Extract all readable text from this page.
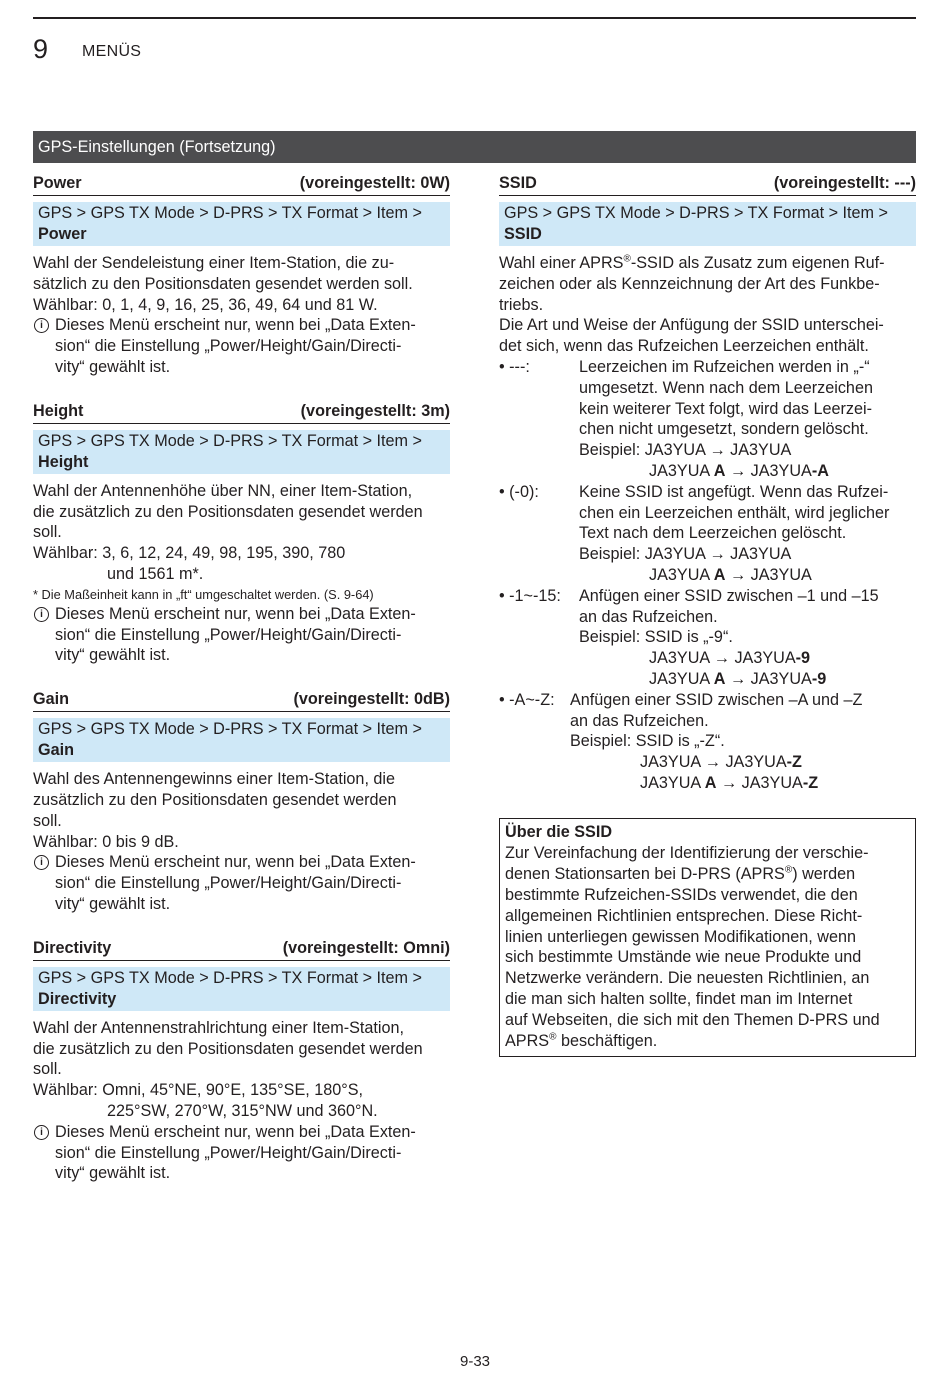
9 MENÜS
GPS-Einstellungen (Fortsetzung)
Power	(voreingestellt: 0W)
GPS > GPS TX Mode > D-PRS > TX Format > Item >
Power
Wahl der Sendeleistung einer Item-Station, die zu-
sätzlich zu den Positionsdaten gesendet werden soll.
Wählbar: 0, 1, 4, 9, 16, 25, 36, 49, 64 und 81 W.
i Dieses Menü erscheint nur, wenn bei „Data Exten-
sion“ die Einstellung „Power/Height/Gain/Directi-
vity“ gewählt ist.
Height	(voreingestellt: 3m)
GPS > GPS TX Mode > D-PRS > TX Format > Item >
Height
Wahl der Antennenhöhe über NN, einer Item-Station,
die zusätzlich zu den Positionsdaten gesendet werden
soll.
Wählbar: 3, 6, 12, 24, 49, 98, 195, 390, 780
und 1561 m*.
* Die Maßeinheit kann in „ft“ umgeschaltet werden. (S. 9-64)
i Dieses Menü erscheint nur, wenn bei „Data Exten-
sion“ die Einstellung „Power/Height/Gain/Directi-
vity“ gewählt ist.
Gain	(voreingestellt: 0dB)
GPS > GPS TX Mode > D-PRS > TX Format > Item >
Gain
Wahl des Antennengewinns einer Item-Station, die
zusätzlich zu den Positionsdaten gesendet werden
soll.
Wählbar: 0 bis 9 dB.
i Dieses Menü erscheint nur, wenn bei „Data Exten-
sion“ die Einstellung „Power/Height/Gain/Directi-
vity“ gewählt ist.
Directivity	(voreingestellt: Omni)
GPS > GPS TX Mode > D-PRS > TX Format > Item >
Directivity
Wahl der Antennenstrahlrichtung einer Item-Station,
die zusätzlich zu den Positionsdaten gesendet werden
soll.
Wählbar: Omni, 45°NE, 90°E, 135°SE, 180°S,
225°SW, 270°W, 315°NW und 360°N.
i Dieses Menü erscheint nur, wenn bei „Data Exten-
sion“ die Einstellung „Power/Height/Gain/Directi-
vity“ gewählt ist.
SSID	(voreingestellt: ---)
GPS > GPS TX Mode > D-PRS > TX Format > Item >
SSID
Wahl einer APRS®-SSID als Zusatz zum eigenen Ruf-
zeichen oder als Kennzeichnung der Art des Funkbe-
triebs.
Die Art und Weise der Anfügung der SSID unterschei-
det sich, wenn das Rufzeichen Leerzeichen enthält.
• ---:	Leerzeichen im Rufzeichen werden in „-“
umgesetzt. Wenn nach dem Leerzeichen
kein weiterer Text folgt, wird das Leerzei-
chen nicht umgesetzt, sondern gelöscht.
Beispiel: JA3YUA → JA3YUA
JA3YUA A → JA3YUA-A
• (-0):	Keine SSID ist angefügt. Wenn das Rufzei-
chen ein Leerzeichen enthält, wird jeglicher
Text nach dem Leerzeichen gelöscht.
Beispiel: JA3YUA → JA3YUA
JA3YUA A → JA3YUA
• -1~-15:	Anfügen einer SSID zwischen –1 und –15
an das Rufzeichen.
Beispiel: SSID is „-9“.
JA3YUA → JA3YUA-9
JA3YUA A → JA3YUA-9
• -A~-Z: Anfügen einer SSID zwischen –A und –Z
an das Rufzeichen.
Beispiel: SSID is „-Z“.
JA3YUA → JA3YUA-Z
JA3YUA A → JA3YUA-Z
Über die SSID
Zur Vereinfachung der Identifizierung der verschie-
denen Stationsarten bei D-PRS (APRS®) werden
bestimmte Rufzeichen-SSIDs verwendet, die den
allgemeinen Richtlinien entsprechen. Diese Richt-
linien unterliegen gewissen Modifikationen, wenn
sich bestimmte Umstände wie neue Produkte und
Netzwerke verändern. Die neuesten Richtlinien, an
die man sich halten sollte, findet man im Internet
auf Webseiten, die sich mit den Themen D-PRS und
APRS® beschäftigen.
9-33
